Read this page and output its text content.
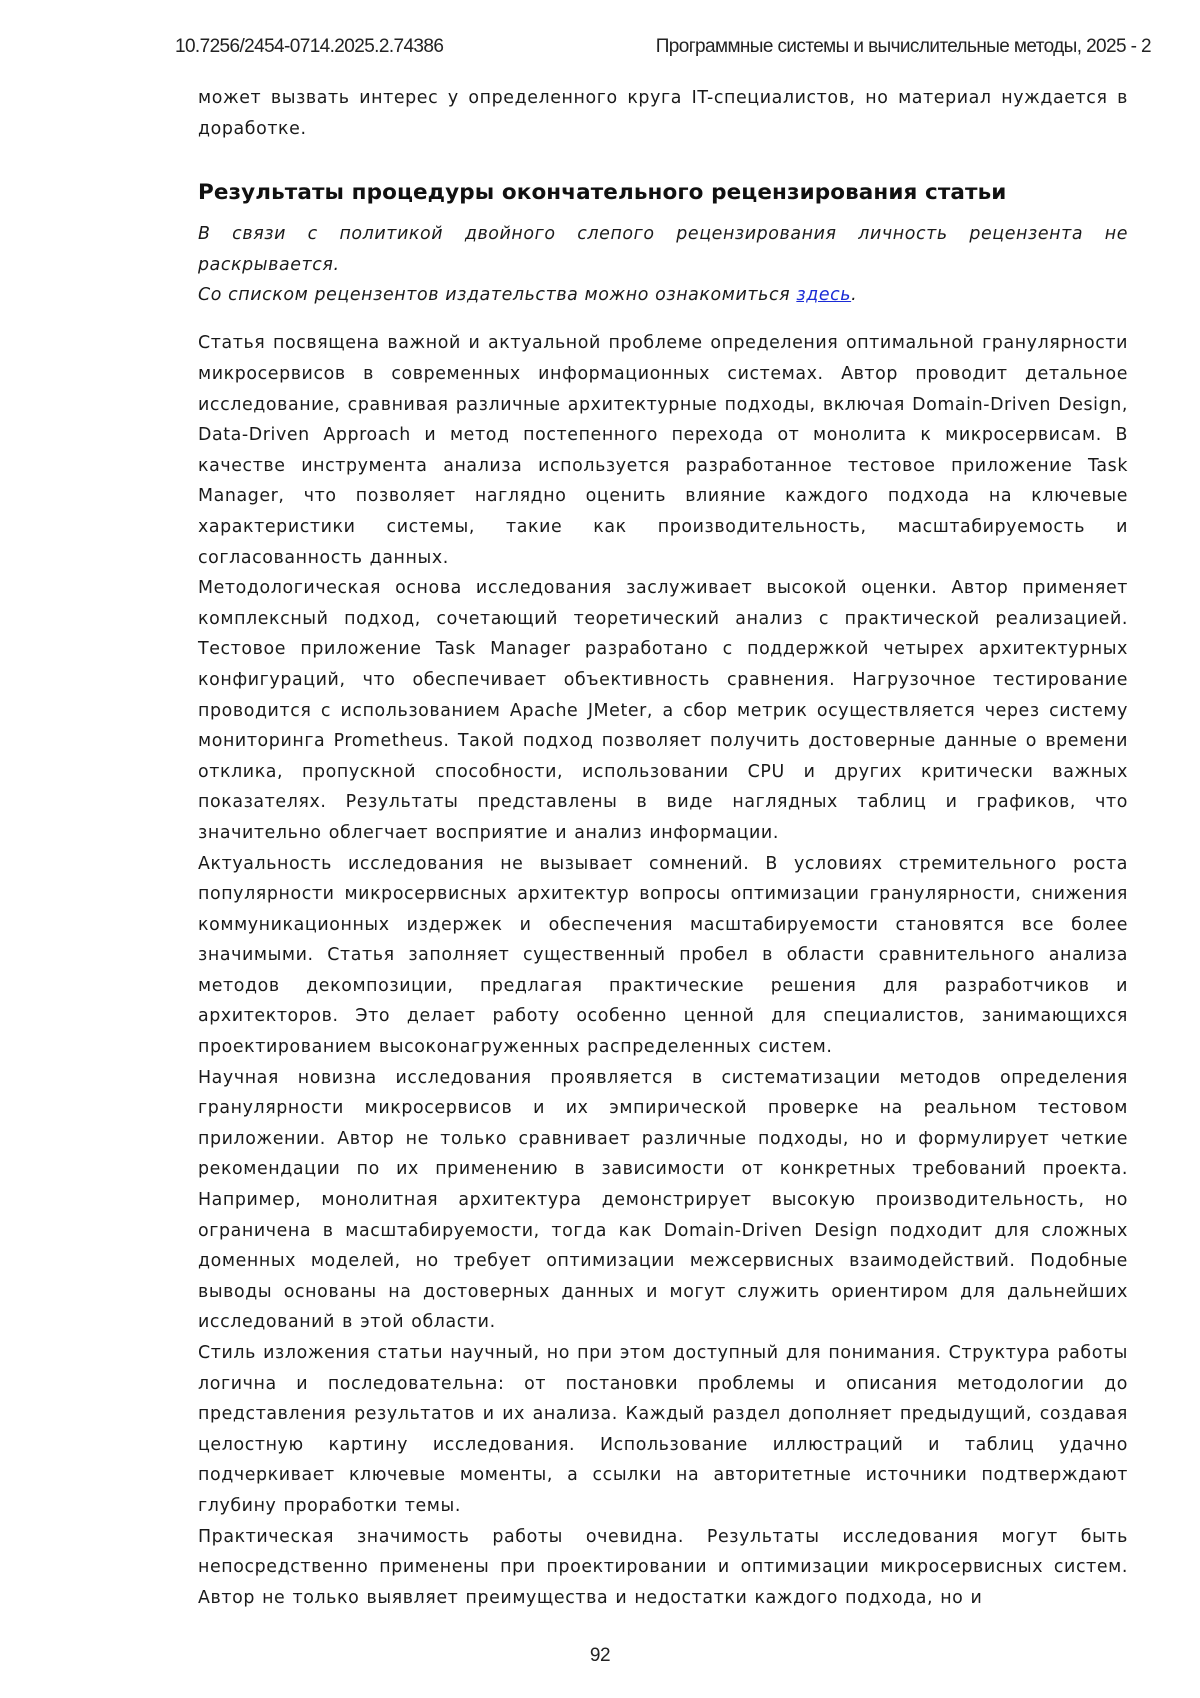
10.7256/2454-0714.2025.2.74386	Программные системы и вычислительные методы, 2025 - 2

может вызвать интерес у определенного круга IT-специалистов, но материал нуждается в доработке.

Результаты процедуры окончательного рецензирования статьи
В связи с политикой двойного слепого рецензирования личность рецензента не раскрывается.
Со списком рецензентов издательства можно ознакомиться здесь.

Статья посвящена важной и актуальной проблеме определения оптимальной гранулярности микросервисов в современных информационных системах. Автор проводит детальное исследование, сравнивая различные архитектурные подходы, включая Domain-Driven Design, Data-Driven Approach и метод постепенного перехода от монолита к микросервисам. В качестве инструмента анализа используется разработанное тестовое приложение Task Manager, что позволяет наглядно оценить влияние каждого подхода на ключевые характеристики системы, такие как производительность, масштабируемость и согласованность данных.

Методологическая основа исследования заслуживает высокой оценки. Автор применяет комплексный подход, сочетающий теоретический анализ с практической реализацией. Тестовое приложение Task Manager разработано с поддержкой четырех архитектурных конфигураций, что обеспечивает объективность сравнения. Нагрузочное тестирование проводится с использованием Apache JMeter, а сбор метрик осуществляется через систему мониторинга Prometheus. Такой подход позволяет получить достоверные данные о времени отклика, пропускной способности, использовании CPU и других критически важных показателях. Результаты представлены в виде наглядных таблиц и графиков, что значительно облегчает восприятие и анализ информации.

Актуальность исследования не вызывает сомнений. В условиях стремительного роста популярности микросервисных архитектур вопросы оптимизации гранулярности, снижения коммуникационных издержек и обеспечения масштабируемости становятся все более значимыми. Статья заполняет существенный пробел в области сравнительного анализа методов декомпозиции, предлагая практические решения для разработчиков и архитекторов. Это делает работу особенно ценной для специалистов, занимающихся проектированием высоконагруженных распределенных систем.

Научная новизна исследования проявляется в систематизации методов определения гранулярности микросервисов и их эмпирической проверке на реальном тестовом приложении. Автор не только сравнивает различные подходы, но и формулирует четкие рекомендации по их применению в зависимости от конкретных требований проекта. Например, монолитная архитектура демонстрирует высокую производительность, но ограничена в масштабируемости, тогда как Domain-Driven Design подходит для сложных доменных моделей, но требует оптимизации межсервисных взаимодействий. Подобные выводы основаны на достоверных данных и могут служить ориентиром для дальнейших исследований в этой области.

Стиль изложения статьи научный, но при этом доступный для понимания. Структура работы логична и последовательна: от постановки проблемы и описания методологии до представления результатов и их анализа. Каждый раздел дополняет предыдущий, создавая целостную картину исследования. Использование иллюстраций и таблиц удачно подчеркивает ключевые моменты, а ссылки на авторитетные источники подтверждают глубину проработки темы.

Практическая значимость работы очевидна. Результаты исследования могут быть непосредственно применены при проектировании и оптимизации микросервисных систем. Автор не только выявляет преимущества и недостатки каждого подхода, но и

92
